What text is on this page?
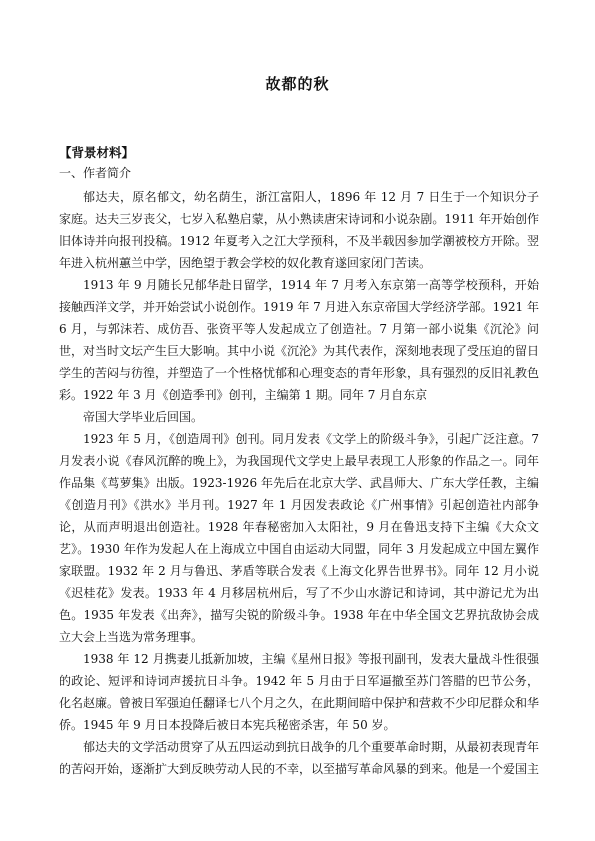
故都的秋
【背景材料】
一、作者简介

郁达夫，原名郁文，幼名荫生，浙江富阳人，1896 年 12 月 7 日生于一个知识分子家庭。达夫三岁丧父，七岁入私塾启蒙，从小熟读唐宋诗词和小说杂剧。1911 年开始创作旧体诗并向报刊投稿。1912 年夏考入之江大学预科，不及半载因参加学潮被校方开除。翌年进入杭州蕙兰中学，因绝望于教会学校的奴化教育遂回家闭门苦读。

1913 年 9 月随长兄郁华赴日留学，1914 年 7 月考入东京第一高等学校预科，开始接触西洋文学，并开始尝试小说创作。1919 年 7 月进入东京帝国大学经济学部。1921 年 6 月，与郭沫若、成仿吾、张资平等人发起成立了创造社。7 月第一部小说集《沉沦》问世，对当时文坛产生巨大影响。其中小说《沉沦》为其代表作，深刻地表现了受压迫的留日学生的苦闷与彷徨，并塑造了一个性格忧郁和心理变态的青年形象，具有强烈的反旧礼教色彩。1922 年 3 月《创造季刊》创刊，主编第 1 期。同年 7 月自东京

帝国大学毕业后回国。

1923 年 5 月，《创造周刊》创刊。同月发表《文学上的阶级斗争》，引起广泛注意。7 月发表小说《春风沉醉的晚上》，为我国现代文学史上最早表现工人形象的作品之一。同年作品集《茑萝集》出版。1923-1926 年先后在北京大学、武昌师大、广东大学任教，主编《创造月刊》《洪水》半月刊。1927 年 1 月因发表政论《广州事情》引起创造社内部争论，从而声明退出创造社。1928 年春秘密加入太阳社，9 月在鲁迅支持下主编《大众文艺》。1930 年作为发起人在上海成立中国自由运动大同盟，同年 3 月发起成立中国左翼作家联盟。1932 年 2 月与鲁迅、茅盾等联合发表《上海文化界告世界书》。同年 12 月小说《迟桂花》发表。1933 年 4 月移居杭州后，写了不少山水游记和诗词，其中游记尤为出色。1935 年发表《出奔》，描写尖锐的阶级斗争。1938 年在中华全国文艺界抗敌协会成立大会上当选为常务理事。

1938 年 12 月携妻儿抵新加坡，主编《星州日报》等报刊副刊，发表大量战斗性很强的政论、短评和诗词声援抗日斗争。1942 年 5 月由于日军逼撤至苏门答腊的巴节公务，化名赵廉。曾被日军强迫任翻译七八个月之久，在此期间暗中保护和营救不少印尼群众和华侨。1945 年 9 月日本投降后被日本宪兵秘密杀害，年 50 岁。

郁达夫的文学活动贯穿了从五四运动到抗日战争的几个重要革命时期，从最初表现青年的苦闷开始，逐渐扩大到反映劳动人民的不幸，以至描写革命风暴的到来。他是一个爱国主
